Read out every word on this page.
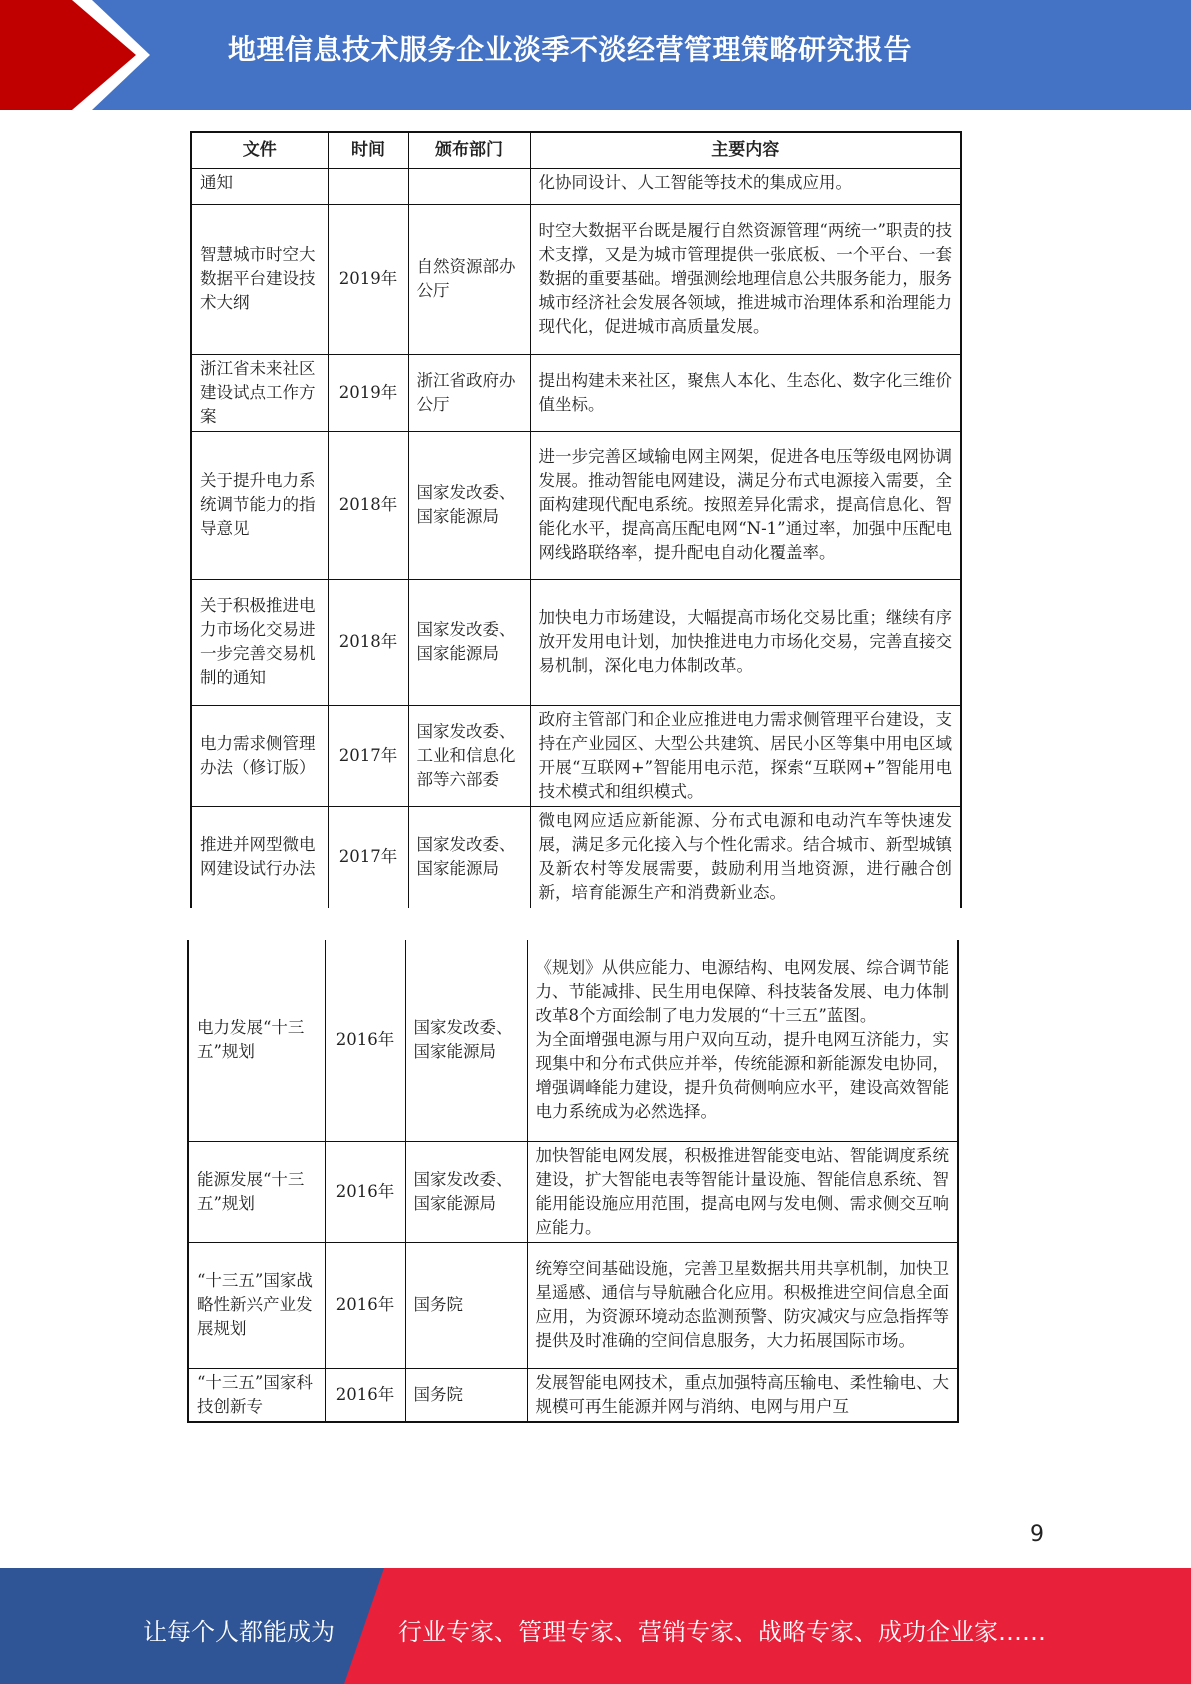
地理信息技术服务企业淡季不淡经营管理策略研究报告
文件	时间	颁布部门	主要内容
通知			化协同设计、人工智能等技术的集成应用。
智慧城市时空大数据平台建设技术大纲	2019年	自然资源部办公厅	时空大数据平台既是履行自然资源管理“两统一”职责的技术支撑，又是为城市管理提供一张底板、一个平台、一套数据的重要基础。增强测绘地理信息公共服务能力，服务城市经济社会发展各领域，推进城市治理体系和治理能力现代化，促进城市高质量发展。
浙江省未来社区建设试点工作方案	2019年	浙江省政府办公厅	提出构建未来社区，聚焦人本化、生态化、数字化三维价值坐标。
关于提升电力系统调节能力的指导意见	2018年	国家发改委、国家能源局	进一步完善区域输电网主网架，促进各电压等级电网协调发展。推动智能电网建设，满足分布式电源接入需要，全面构建现代配电系统。按照差异化需求，提高信息化、智能化水平，提高高压配电网“N-1”通过率，加强中压配电网线路联络率，提升配电自动化覆盖率。
关于积极推进电力市场化交易进一步完善交易机制的通知	2018年	国家发改委、国家能源局	加快电力市场建设，大幅提高市场化交易比重；继续有序放开发用电计划，加快推进电力市场化交易，完善直接交易机制，深化电力体制改革。
电力需求侧管理办法（修订版）	2017年	国家发改委、工业和信息化部等六部委	政府主管部门和企业应推进电力需求侧管理平台建设，支持在产业园区、大型公共建筑、居民小区等集中用电区域开展“互联网+”智能用电示范，探索“互联网+”智能用电技术模式和组织模式。
推进并网型微电网建设试行办法	2017年	国家发改委、国家能源局	微电网应适应新能源、分布式电源和电动汽车等快速发展，满足多元化接入与个性化需求。结合城市、新型城镇及新农村等发展需要，鼓励利用当地资源，进行融合创新，培育能源生产和消费新业态。
电力发展“十三五”规划	2016年	国家发改委、国家能源局	《规划》从供应能力、电源结构、电网发展、综合调节能力、节能减排、民生用电保障、科技装备发展、电力体制改革8个方面绘制了电力发展的“十三五”蓝图。
为全面增强电源与用户双向互动，提升电网互济能力，实现集中和分布式供应并举，传统能源和新能源发电协同，增强调峰能力建设，提升负荷侧响应水平，建设高效智能电力系统成为必然选择。

能源发展“十三五”规划	2016年	国家发改委、国家能源局	加快智能电网发展，积极推进智能变电站、智能调度系统建设，扩大智能电表等智能计量设施、智能信息系统、智能用能设施应用范围，提高电网与发电侧、需求侧交互响应能力。
“十三五”国家战略性新兴产业发展规划	2016年	国务院	统筹空间基础设施，完善卫星数据共用共享机制，加快卫星遥感、通信与导航融合化应用。积极推进空间信息全面应用，为资源环境动态监测预警、防灾减灾与应急指挥等提供及时准确的空间信息服务，大力拓展国际市场。
“十三五”国家科技创新专	2016年	国务院	发展智能电网技术，重点加强特高压输电、柔性输电、大规模可再生能源并网与消纳、电网与用户互
9
让每个人都能成为	行业专家、管理专家、营销专家、战略专家、成功企业家……
